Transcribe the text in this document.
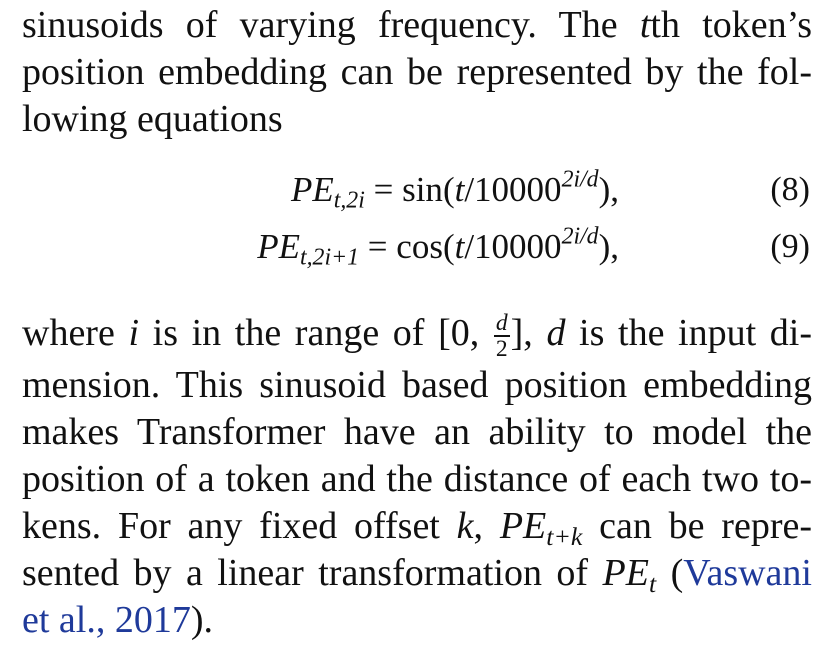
sinusoids of varying frequency. The tth token’s
position embedding can be represented by the fol-
lowing equations
$PE_{t,2i} = \sin(t/10000^{2i/d})$,	(8)
$PE_{t,2i+1} = \cos(t/10000^{2i/d})$,	(9)
where i is in the range of [0, $\frac{d}{2}$ ], d is the input di-
mension. This sinusoid based position embedding
makes Transformer have an ability to model the
position of a token and the distance of each two to-
kens. For any fixed offset k, $PE_{t+k}$ can be repre-
sented by a linear transformation of $PE_t$ (Vaswani
et al., 2017).
